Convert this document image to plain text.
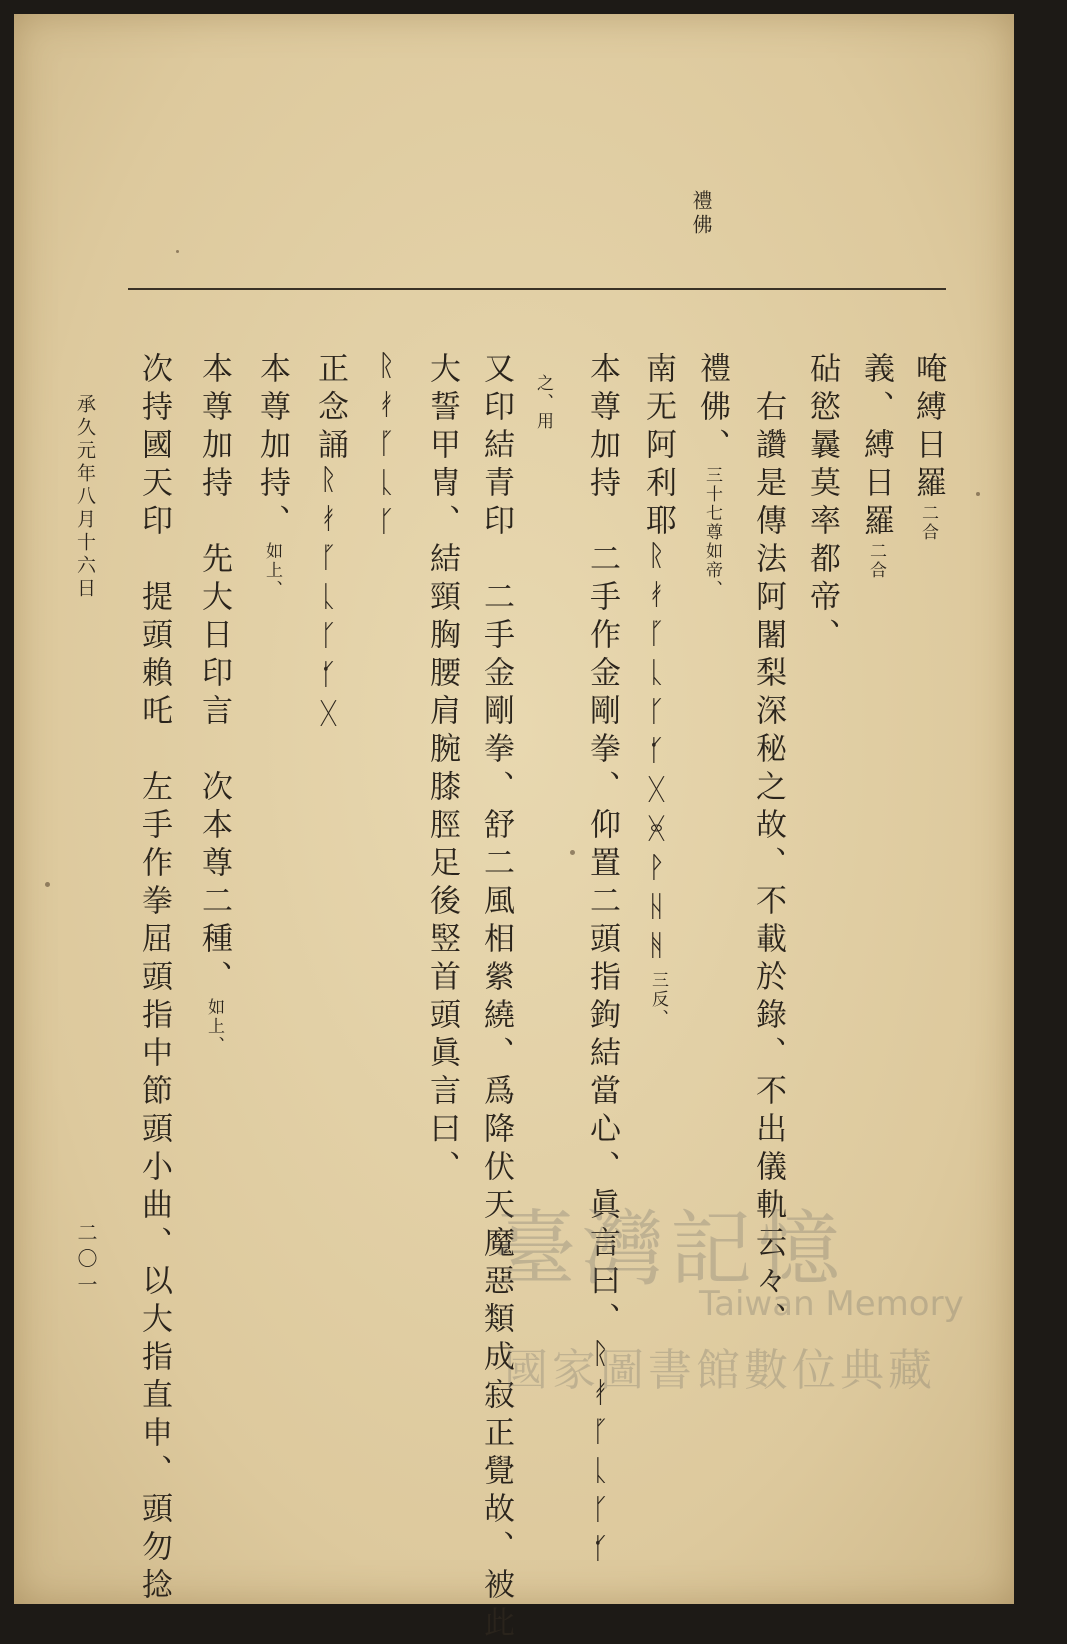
禮佛
唵縛日羅二合
義、縛日羅二合
砧慾曩莫率都帝、
　右讚是傳法阿闍梨深秘之故、不載於錄、不出儀軌云々、
禮佛、三十七尊如帝、
南无阿利耶ᚱᚯᚵᚳᚴᚶᚷᚸᚹᚺᚻ三反、
本尊加持　二手作金剛拳、仰置二頭指鉤結當心、眞言曰、ᚱᚯᚵᚳᚴᚶ
之、用
又印結青印　二手金剛拳、舒二風相縈繞、爲降伏天魔惡類成寂正覺故、被此
大誓甲冑、結頸胸腰肩腕膝脛足後竪首頭眞言曰、
ᚱᚯᚵᚳᚴ
正念誦ᚱᚯᚵᚳᚴᚶᚷ
本尊加持、如上、
本尊加持　先大日印言　次本尊二種、如上、
次持國天印　提頭賴吒　左手作拳屈頭指中節頭小曲、以大指直申、頭勿捻
承久元年八月十六日
二〇一	臺灣記憶
Taiwan Memory
國家圖書館數位典藏
